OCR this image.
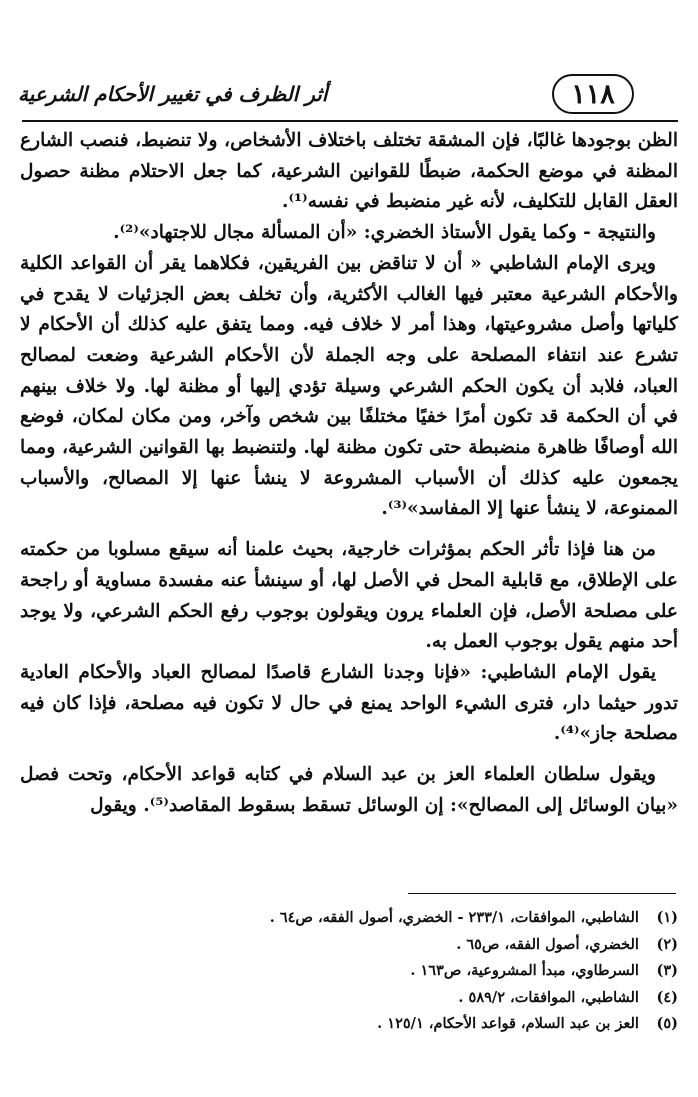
١١٨
أثر الظرف في تغيير الأحكام الشرعية

الظن بوجودها غالبًا، فإن المشقة تختلف باختلاف الأشخاص، ولا تنضبط، فنصب الشارع المظنة في موضع الحكمة، ضبطًا للقوانين الشرعية، كما جعل الاحتلام مظنة حصول العقل القابل للتكليف، لأنه غير منضبط في نفسه⁽¹⁾.

والنتيجة - وكما يقول الأستاذ الخضري: «أن المسألة مجال للاجتهاد»⁽²⁾.

ويرى الإمام الشاطبي « أن لا تناقض بين الفريقين، فكلاهما يقر أن القواعد الكلية والأحكام الشرعية معتبر فيها الغالب الأكثرية، وأن تخلف بعض الجزئيات لا يقدح في كلياتها وأصل مشروعيتها، وهذا أمر لا خلاف فيه. ومما يتفق عليه كذلك أن الأحكام لا تشرع عند انتفاء المصلحة على وجه الجملة لأن الأحكام الشرعية وضعت لمصالح العباد، فلابد أن يكون الحكم الشرعي وسيلة تؤدي إليها أو مظنة لها. ولا خلاف بينهم في أن الحكمة قد تكون أمرًا خفيًا مختلفًا بين شخص وآخر، ومن مكان لمكان، فوضع الله أوصافًا ظاهرة منضبطة حتى تكون مظنة لها. ولتنضبط بها القوانين الشرعية، ومما يجمعون عليه كذلك أن الأسباب المشروعة لا ينشأ عنها إلا المصالح، والأسباب الممنوعة، لا ينشأ عنها إلا المفاسد»⁽³⁾.

من هنا فإذا تأثر الحكم بمؤثرات خارجية، بحيث علمنا أنه سيقع مسلوبا من حكمته على الإطلاق، مع قابلية المحل في الأصل لها، أو سينشأ عنه مفسدة مساوية أو راجحة على مصلحة الأصل، فإن العلماء يرون ويقولون بوجوب رفع الحكم الشرعي، ولا يوجد أحد منهم يقول بوجوب العمل به.

يقول الإمام الشاطبي: «فإنا وجدنا الشارع قاصدًا لمصالح العباد والأحكام العادية تدور حيثما دار، فترى الشيء الواحد يمنع في حال لا تكون فيه مصلحة، فإذا كان فيه مصلحة جاز»⁽⁴⁾.

ويقول سلطان العلماء العز بن عبد السلام في كتابه قواعد الأحكام، وتحت فصل «بيان الوسائل إلى المصالح»: إن الوسائل تسقط بسقوط المقاصد⁽⁵⁾. ويقول

(١) الشاطبي، الموافقات، ٢٣٣/١ - الخضري، أصول الفقه، ص٦٤ .
(٢) الخضري، أصول الفقه، ص٦٥ .
(٣) السرطاوي، مبدأ المشروعية، ص١٦٣ .
(٤) الشاطبي، الموافقات، ٥٨٩/٢ .
(٥) العز بن عبد السلام، قواعد الأحكام، ١٢٥/١ .
